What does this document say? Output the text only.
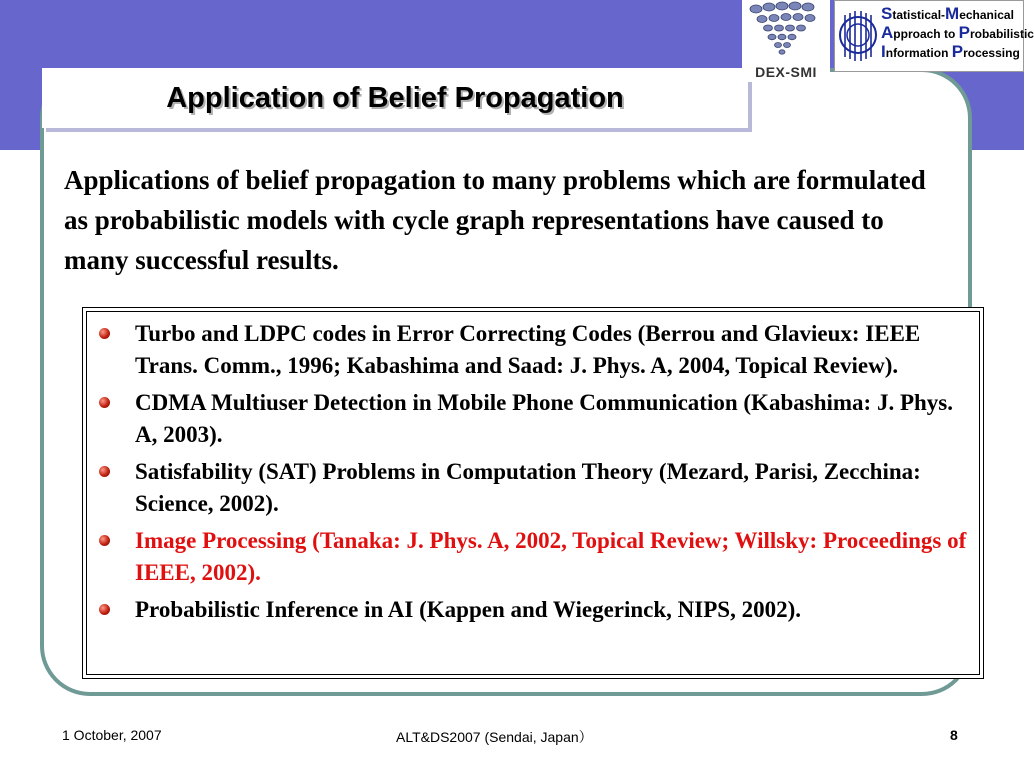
Application of Belief Propagation
DEX-SMI
Statistical-Mechanical
Approach to Probabilistic
Information Processing
Applications of belief propagation to many problems which are formulated as probabilistic models with cycle graph representations have caused to many successful results.
Turbo and LDPC codes in Error Correcting Codes (Berrou and Glavieux: IEEE Trans. Comm., 1996; Kabashima and Saad: J. Phys. A, 2004, Topical Review).
CDMA Multiuser Detection in Mobile Phone Communication (Kabashima: J. Phys. A, 2003).
Satisfability (SAT) Problems in Computation Theory (Mezard, Parisi, Zecchina: Science, 2002).
Image Processing (Tanaka: J. Phys. A, 2002, Topical Review; Willsky: Proceedings of IEEE, 2002).
Probabilistic Inference in AI (Kappen and Wiegerinck, NIPS, 2002).
1 October, 2007	ALT&DS2007 (Sendai, Japan）	8
